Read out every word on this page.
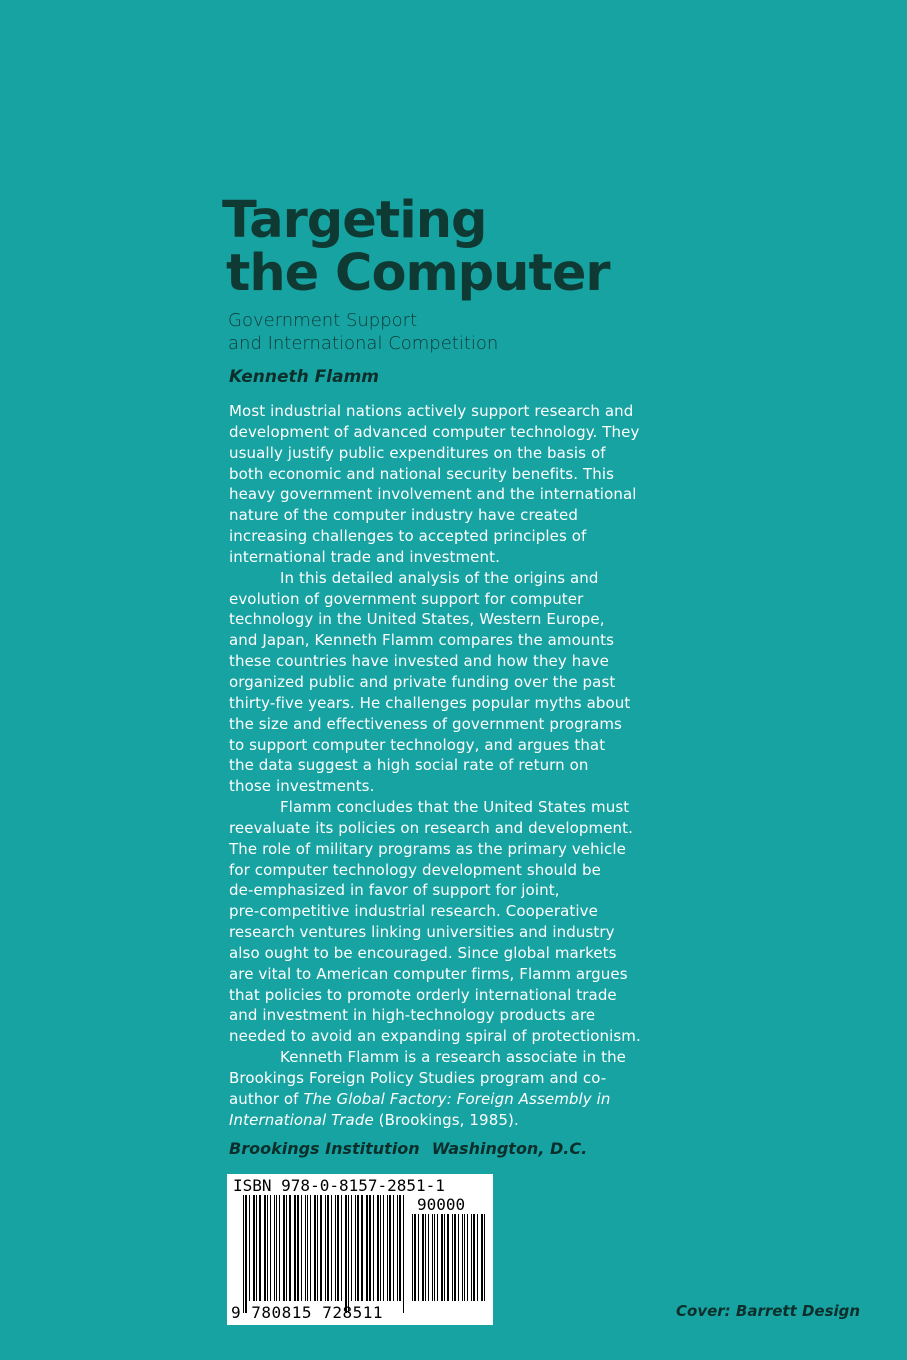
Targeting
the Computer
Government Support
and International Competition
Kenneth Flamm
Most industrial nations actively support research and
development of advanced computer technology. They
usually justify public expenditures on the basis of
both economic and national security benefits. This
heavy government involvement and the international
nature of the computer industry have created
increasing challenges to accepted principles of
international trade and investment.
In this detailed analysis of the origins and
evolution of government support for computer
technology in the United States, Western Europe,
and Japan, Kenneth Flamm compares the amounts
these countries have invested and how they have
organized public and private funding over the past
thirty-five years. He challenges popular myths about
the size and effectiveness of government programs
to support computer technology, and argues that
the data suggest a high social rate of return on
those investments.
Flamm concludes that the United States must
reevaluate its policies on research and development.
The role of military programs as the primary vehicle
for computer technology development should be
de-emphasized in favor of support for joint,
pre-competitive industrial research. Cooperative
research ventures linking universities and industry
also ought to be encouraged. Since global markets
are vital to American computer firms, Flamm argues
that policies to promote orderly international trade
and investment in high-technology products are
needed to avoid an expanding spiral of protectionism.
Kenneth Flamm is a research associate in the
Brookings Foreign Policy Studies program and co-
author of The Global Factory: Foreign Assembly in
International Trade (Brookings, 1985).
Brookings Institution Washington, D.C.
ISBN 978-0-8157-2851-1
90000
9 780815 728511	Cover: Barrett Design
